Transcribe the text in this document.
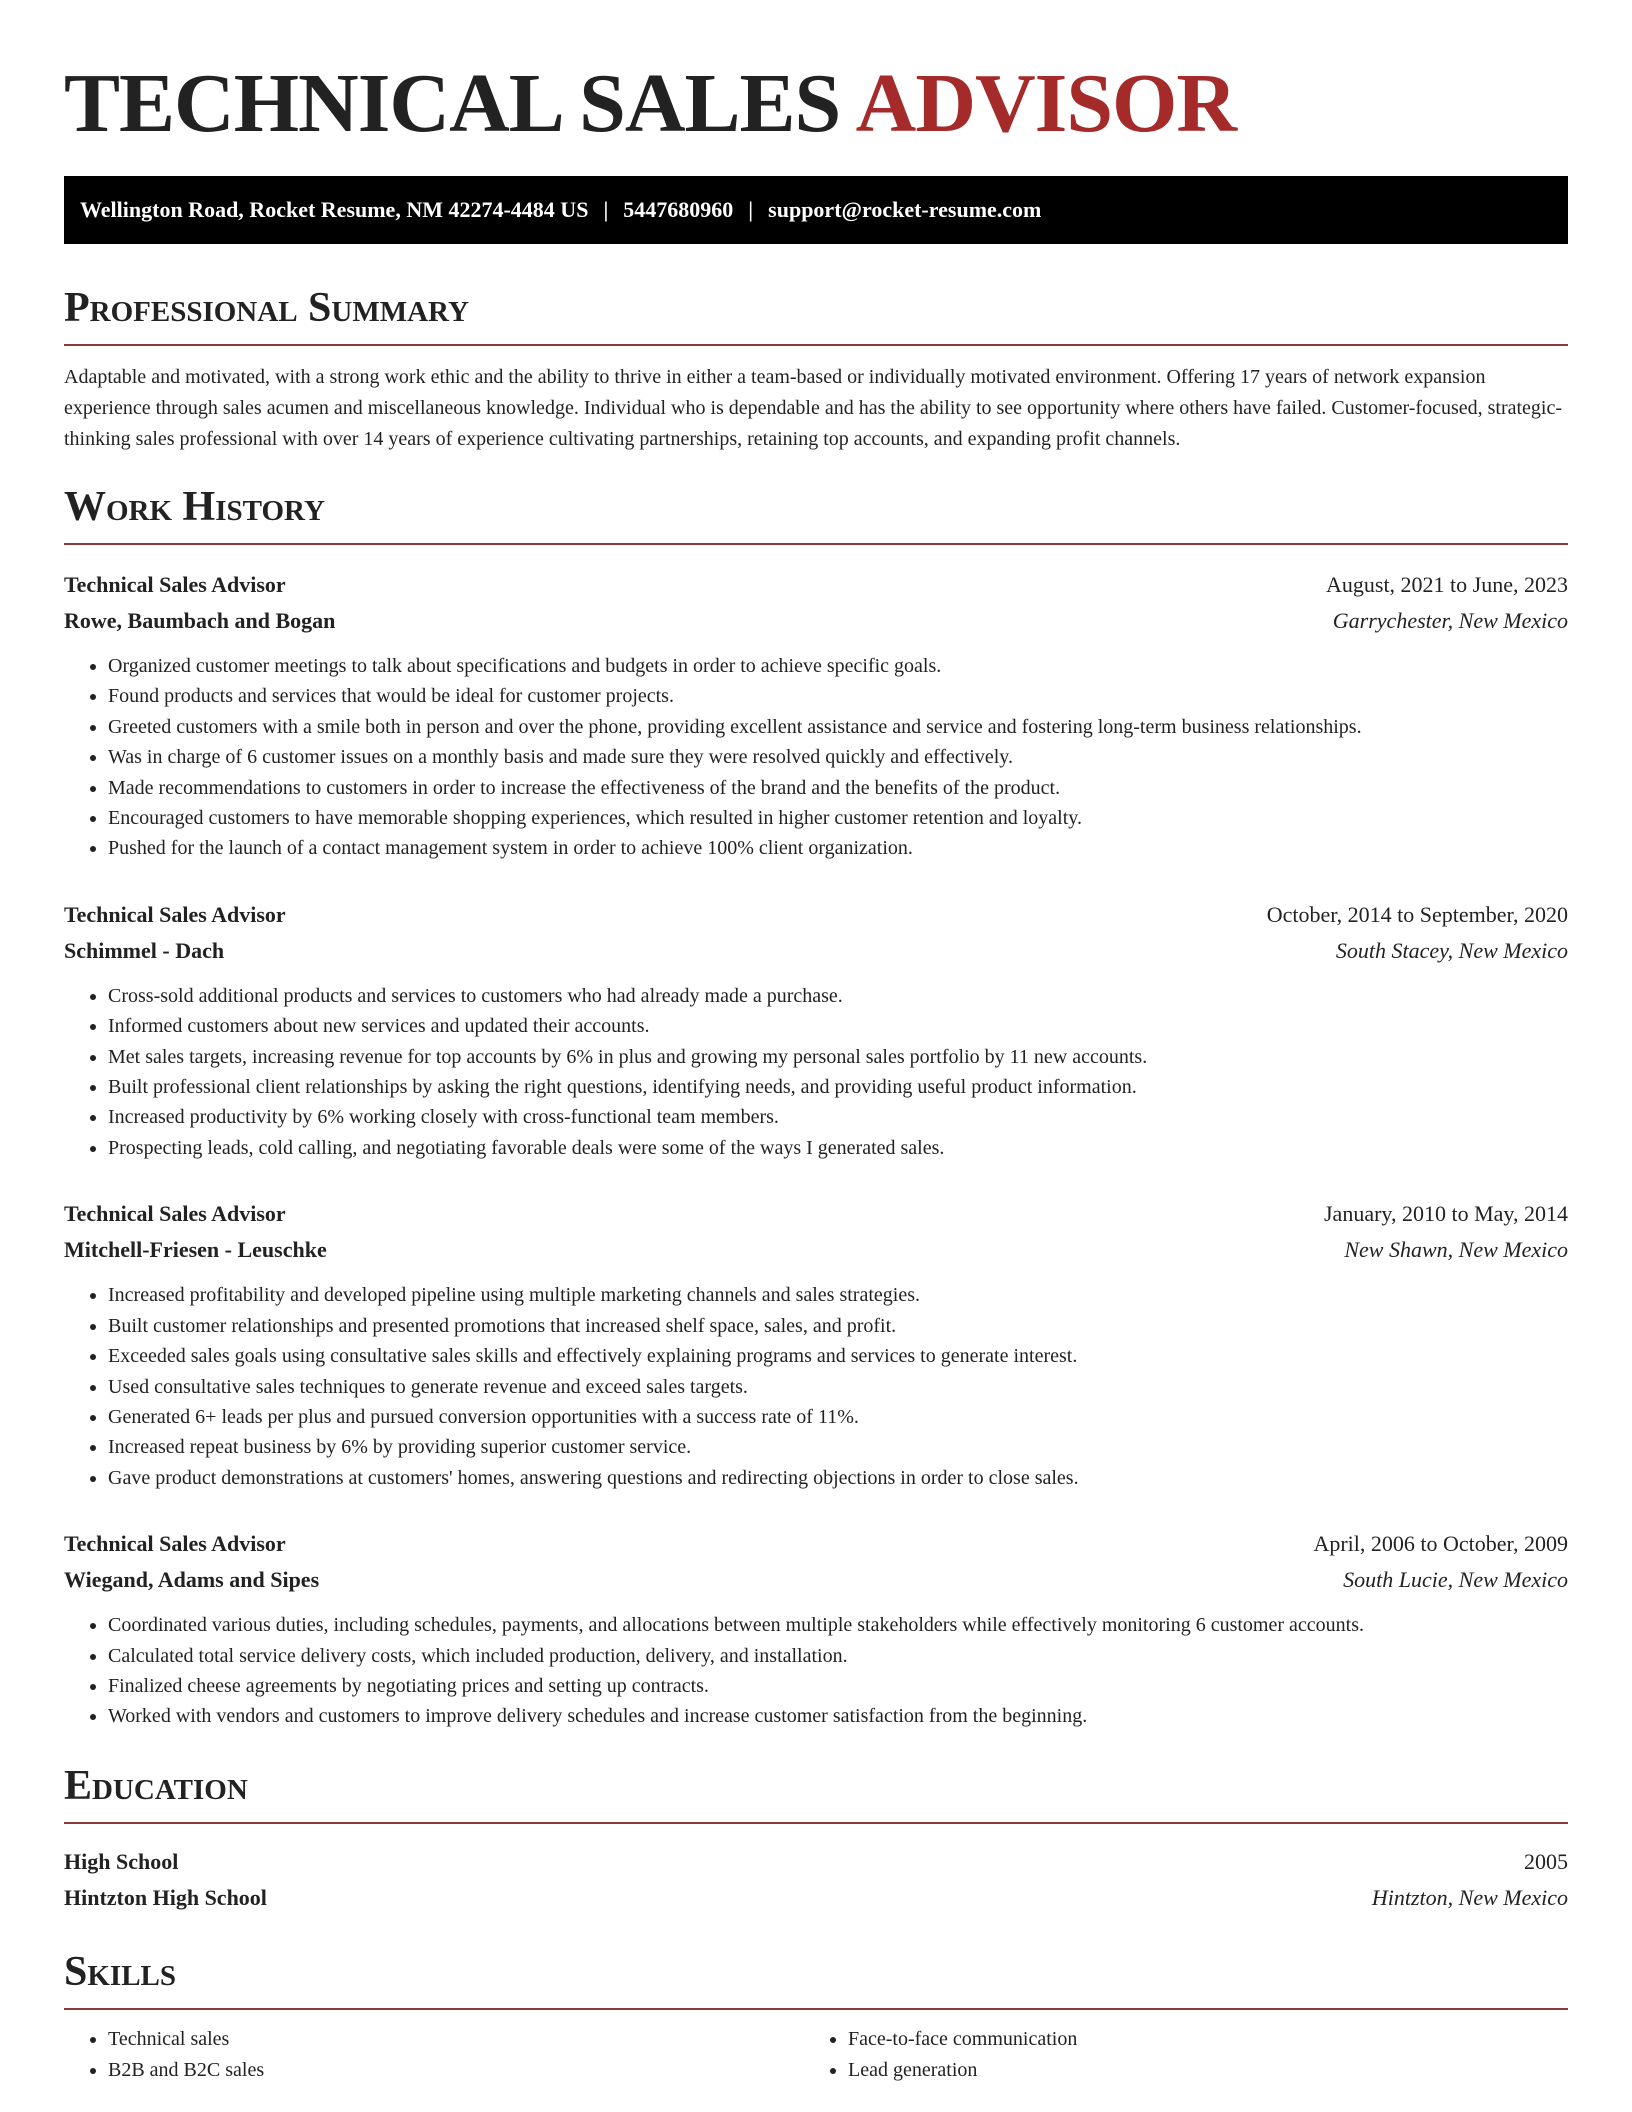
TECHNICAL SALES ADVISOR
Wellington Road, Rocket Resume, NM 42274-4484 US | 5447680960 | support@rocket-resume.com
Professional Summary

Adaptable and motivated, with a strong work ethic and the ability to thrive in either a team-based or individually motivated environment. Offering 17 years of network expansion experience through sales acumen and miscellaneous knowledge. Individual who is dependable and has the ability to see opportunity where others have failed. Customer-focused, strategic-thinking sales professional with over 14 years of experience cultivating partnerships, retaining top accounts, and expanding profit channels.

Work History
Technical Sales Advisor	August, 2021 to June, 2023
Rowe, Baumbach and Bogan	Garrychester, New Mexico
• Organized customer meetings to talk about specifications and budgets in order to achieve specific goals.
• Found products and services that would be ideal for customer projects.
• Greeted customers with a smile both in person and over the phone, providing excellent assistance and service and fostering long-term business relationships.
• Was in charge of 6 customer issues on a monthly basis and made sure they were resolved quickly and effectively.
• Made recommendations to customers in order to increase the effectiveness of the brand and the benefits of the product.
• Encouraged customers to have memorable shopping experiences, which resulted in higher customer retention and loyalty.
• Pushed for the launch of a contact management system in order to achieve 100% client organization.
Technical Sales Advisor	October, 2014 to September, 2020
Schimmel - Dach	South Stacey, New Mexico
• Cross-sold additional products and services to customers who had already made a purchase.
• Informed customers about new services and updated their accounts.
• Met sales targets, increasing revenue for top accounts by 6% in plus and growing my personal sales portfolio by 11 new accounts.
• Built professional client relationships by asking the right questions, identifying needs, and providing useful product information.
• Increased productivity by 6% working closely with cross-functional team members.
• Prospecting leads, cold calling, and negotiating favorable deals were some of the ways I generated sales.
Technical Sales Advisor	January, 2010 to May, 2014
Mitchell-Friesen - Leuschke	New Shawn, New Mexico
• Increased profitability and developed pipeline using multiple marketing channels and sales strategies.
• Built customer relationships and presented promotions that increased shelf space, sales, and profit.
• Exceeded sales goals using consultative sales skills and effectively explaining programs and services to generate interest.
• Used consultative sales techniques to generate revenue and exceed sales targets.
• Generated 6+ leads per plus and pursued conversion opportunities with a success rate of 11%.
• Increased repeat business by 6% by providing superior customer service.
• Gave product demonstrations at customers' homes, answering questions and redirecting objections in order to close sales.
Technical Sales Advisor	April, 2006 to October, 2009
Wiegand, Adams and Sipes	South Lucie, New Mexico
• Coordinated various duties, including schedules, payments, and allocations between multiple stakeholders while effectively monitoring 6 customer accounts.
• Calculated total service delivery costs, which included production, delivery, and installation.
• Finalized cheese agreements by negotiating prices and setting up contracts.
• Worked with vendors and customers to improve delivery schedules and increase customer satisfaction from the beginning.
Education
High School	2005
Hintzton High School	Hintzton, New Mexico
Skills
• Technical sales
• B2B and B2C sales
• Face-to-face communication
• Lead generation
